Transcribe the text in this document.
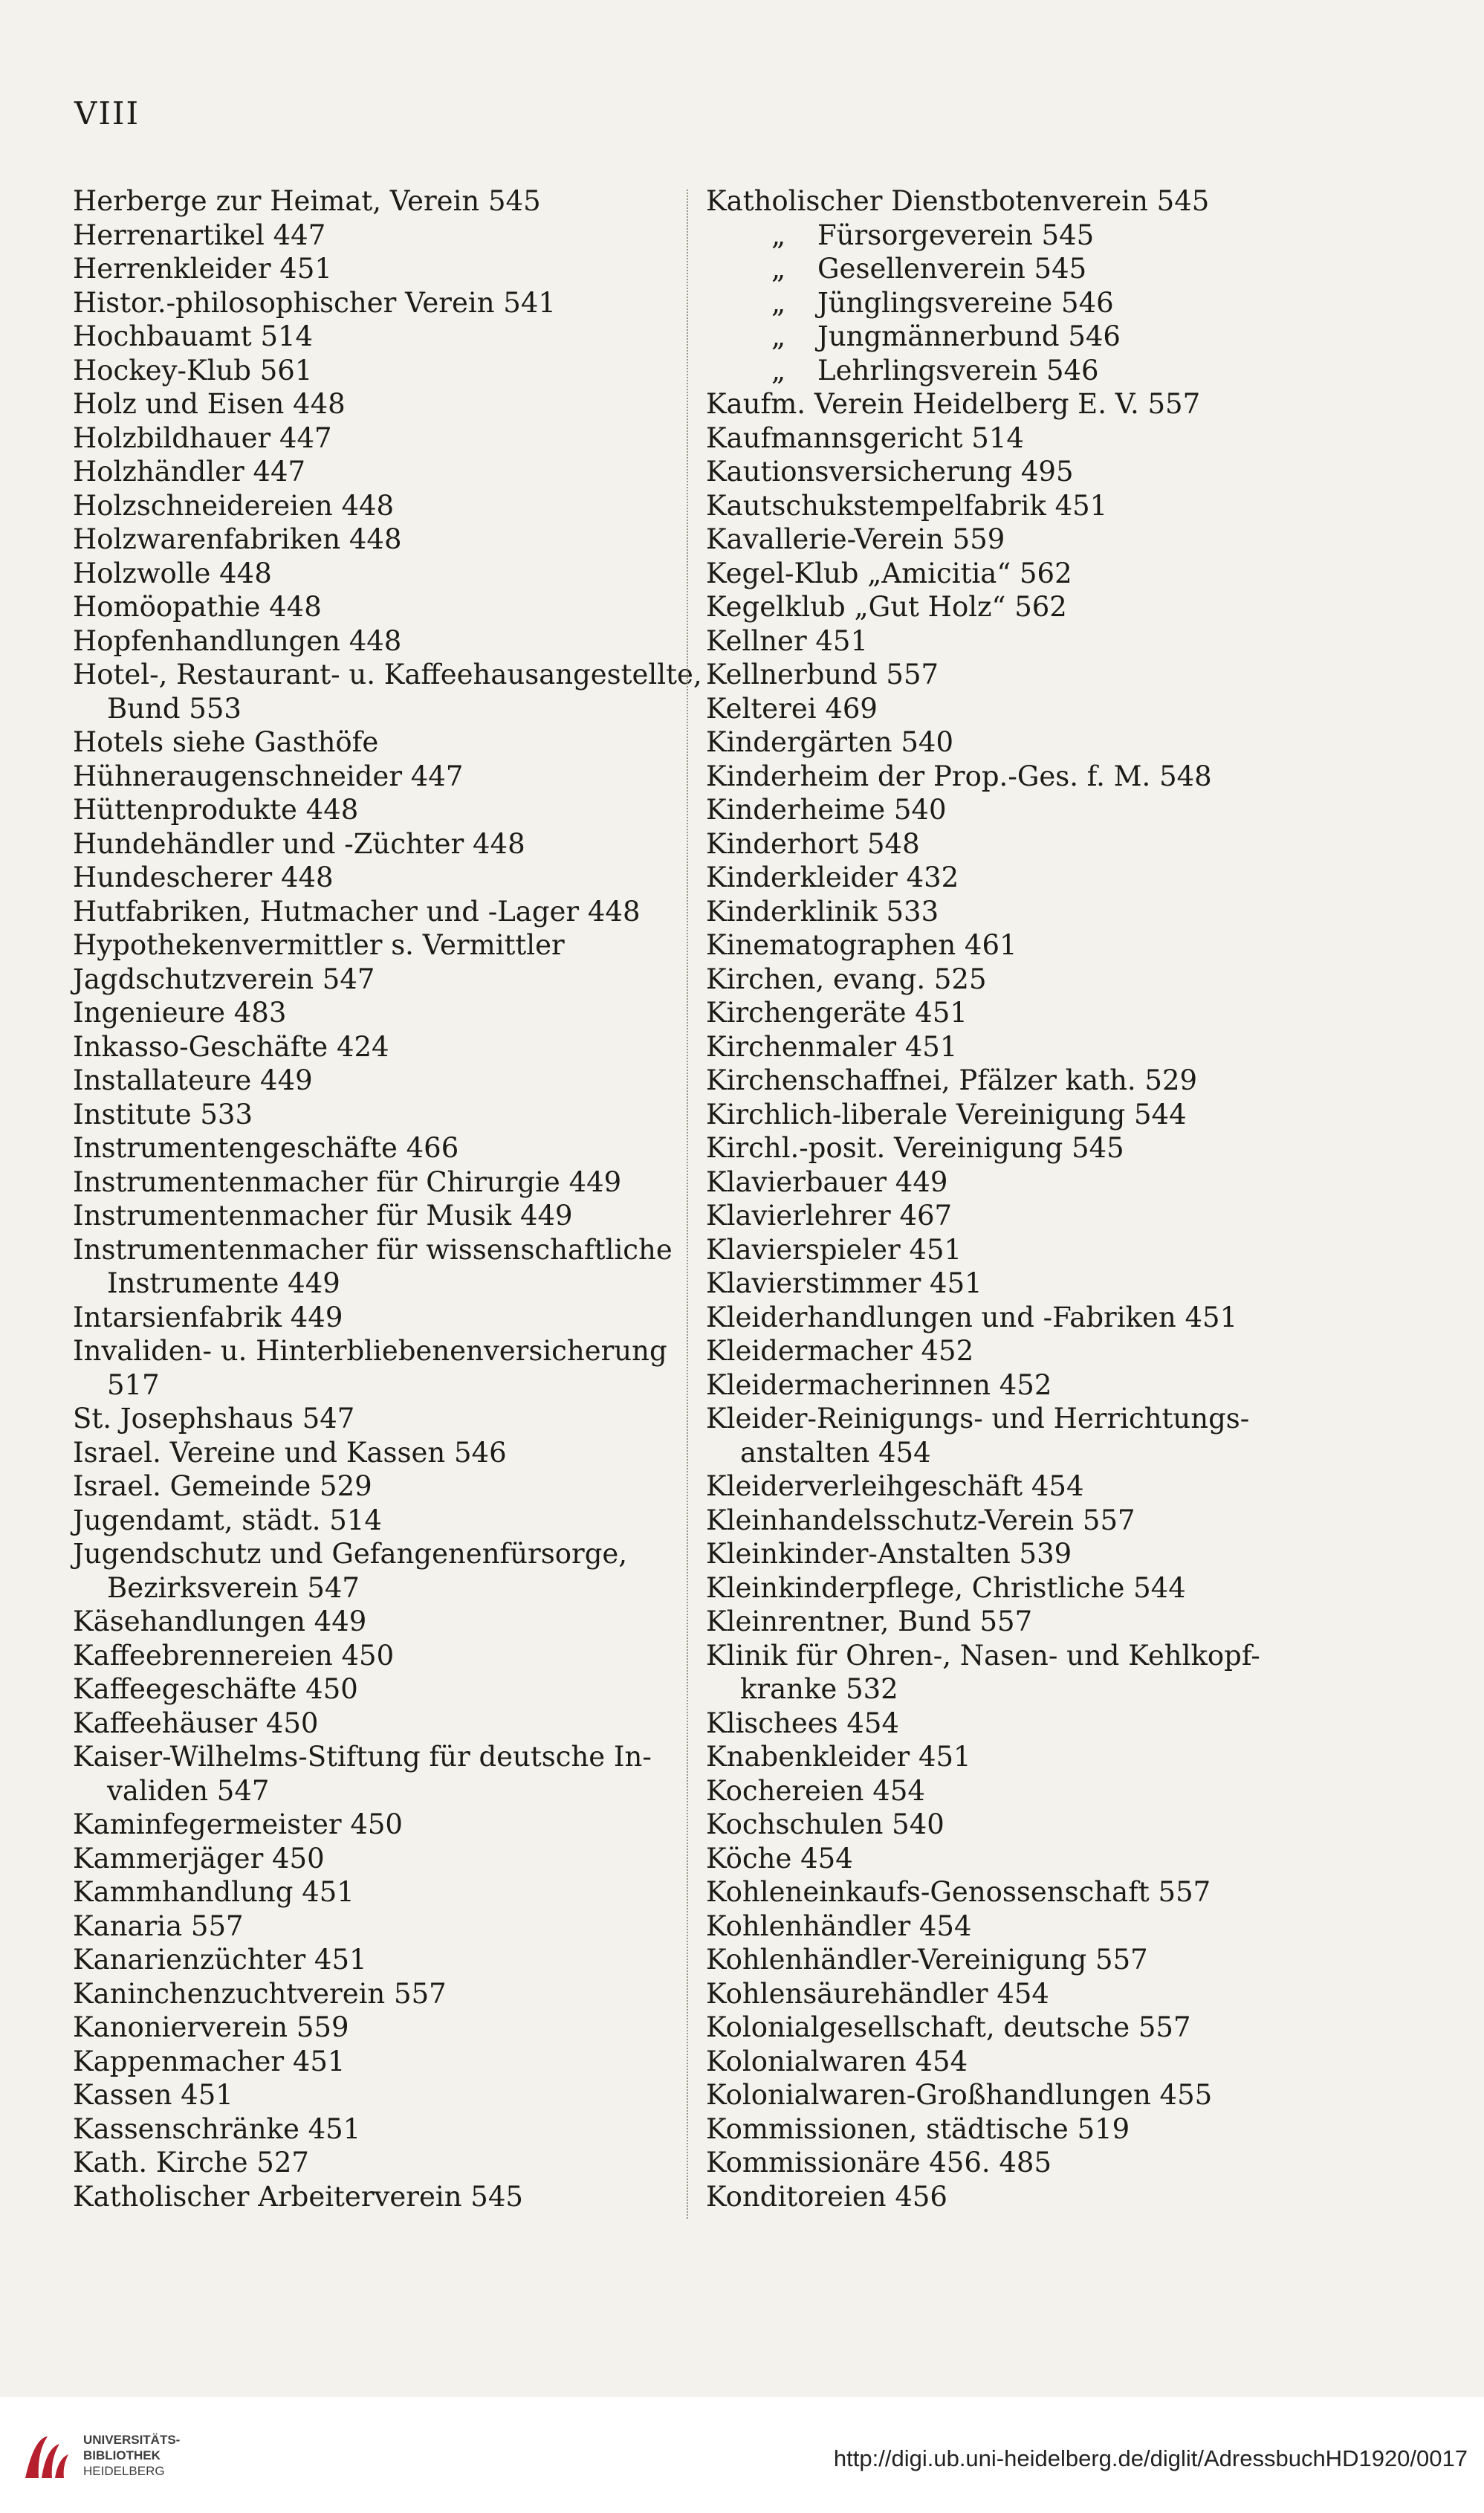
VIII
Herberge zur Heimat, Verein 545
Herrenartikel 447
Herrenkleider 451
Histor.-philosophischer Verein 541
Hochbauamt 514
Hockey-Klub 561
Holz und Eisen 448
Holzbildhauer 447
Holzhändler 447
Holzschneidereien 448
Holzwarenfabriken 448
Holzwolle 448
Homöopathie 448
Hopfenhandlungen 448
Hotel-, Restaurant- u. Kaffeehausangestellte,
Bund 553
Hotels siehe Gasthöfe
Hühneraugenschneider 447
Hüttenprodukte 448
Hundehändler und -Züchter 448
Hundescherer 448
Hutfabriken, Hutmacher und -Lager 448
Hypothekenvermittler s. Vermittler
Jagdschutzverein 547
Ingenieure 483
Inkasso-Geschäfte 424
Installateure 449
Institute 533
Instrumentengeschäfte 466
Instrumentenmacher für Chirurgie 449
Instrumentenmacher für Musik 449
Instrumentenmacher für wissenschaftliche
Instrumente 449
Intarsienfabrik 449
Invaliden- u. Hinterbliebenenversicherung
517
St. Josephshaus 547
Israel. Vereine und Kassen 546
Israel. Gemeinde 529
Jugendamt, städt. 514
Jugendschutz und Gefangenenfürsorge,
Bezirksverein 547
Käsehandlungen 449
Kaffeebrennereien 450
Kaffeegeschäfte 450
Kaffeehäuser 450
Kaiser-Wilhelms-Stiftung für deutsche In-
validen 547
Kaminfegermeister 450
Kammerjäger 450
Kammhandlung 451
Kanaria 557
Kanarienzüchter 451
Kaninchenzuchtverein 557
Kanonierverein 559
Kappenmacher 451
Kassen 451
Kassenschränke 451
Kath. Kirche 527
Katholischer Arbeiterverein 545
Katholischer Dienstbotenverein 545
„ Fürsorgeverein 545
„ Gesellenverein 545
„ Jünglingsvereine 546
„ Jungmännerbund 546
„ Lehrlingsverein 546
Kaufm. Verein Heidelberg E. V. 557
Kaufmannsgericht 514
Kautionsversicherung 495
Kautschukstempelfabrik 451
Kavallerie-Verein 559
Kegel-Klub „Amicitia“ 562
Kegelklub „Gut Holz“ 562
Kellner 451
Kellnerbund 557
Kelterei 469
Kindergärten 540
Kinderheim der Prop.-Ges. f. M. 548
Kinderheime 540
Kinderhort 548
Kinderkleider 432
Kinderklinik 533
Kinematographen 461
Kirchen, evang. 525
Kirchengeräte 451
Kirchenmaler 451
Kirchenschaffnei, Pfälzer kath. 529
Kirchlich-liberale Vereinigung 544
Kirchl.-posit. Vereinigung 545
Klavierbauer 449
Klavierlehrer 467
Klavierspieler 451
Klavierstimmer 451
Kleiderhandlungen und -Fabriken 451
Kleidermacher 452
Kleidermacherinnen 452
Kleider-Reinigungs- und Herrichtungs-
anstalten 454
Kleiderverleihgeschäft 454
Kleinhandelsschutz-Verein 557
Kleinkinder-Anstalten 539
Kleinkinderpflege, Christliche 544
Kleinrentner, Bund 557
Klinik für Ohren-, Nasen- und Kehlkopf-
kranke 532
Klischees 454
Knabenkleider 451
Kochereien 454
Kochschulen 540
Köche 454
Kohleneinkaufs-Genossenschaft 557
Kohlenhändler 454
Kohlenhändler-Vereinigung 557
Kohlensäurehändler 454
Kolonialgesellschaft, deutsche 557
Kolonialwaren 454
Kolonialwaren-Großhandlungen 455
Kommissionen, städtische 519
Kommissionäre 456. 485
Konditoreien 456
UNIVERSITÄTS-
BIBLIOTHEK
HEIDELBERG	http://digi.ub.uni-heidelberg.de/diglit/AdressbuchHD1920/0017
